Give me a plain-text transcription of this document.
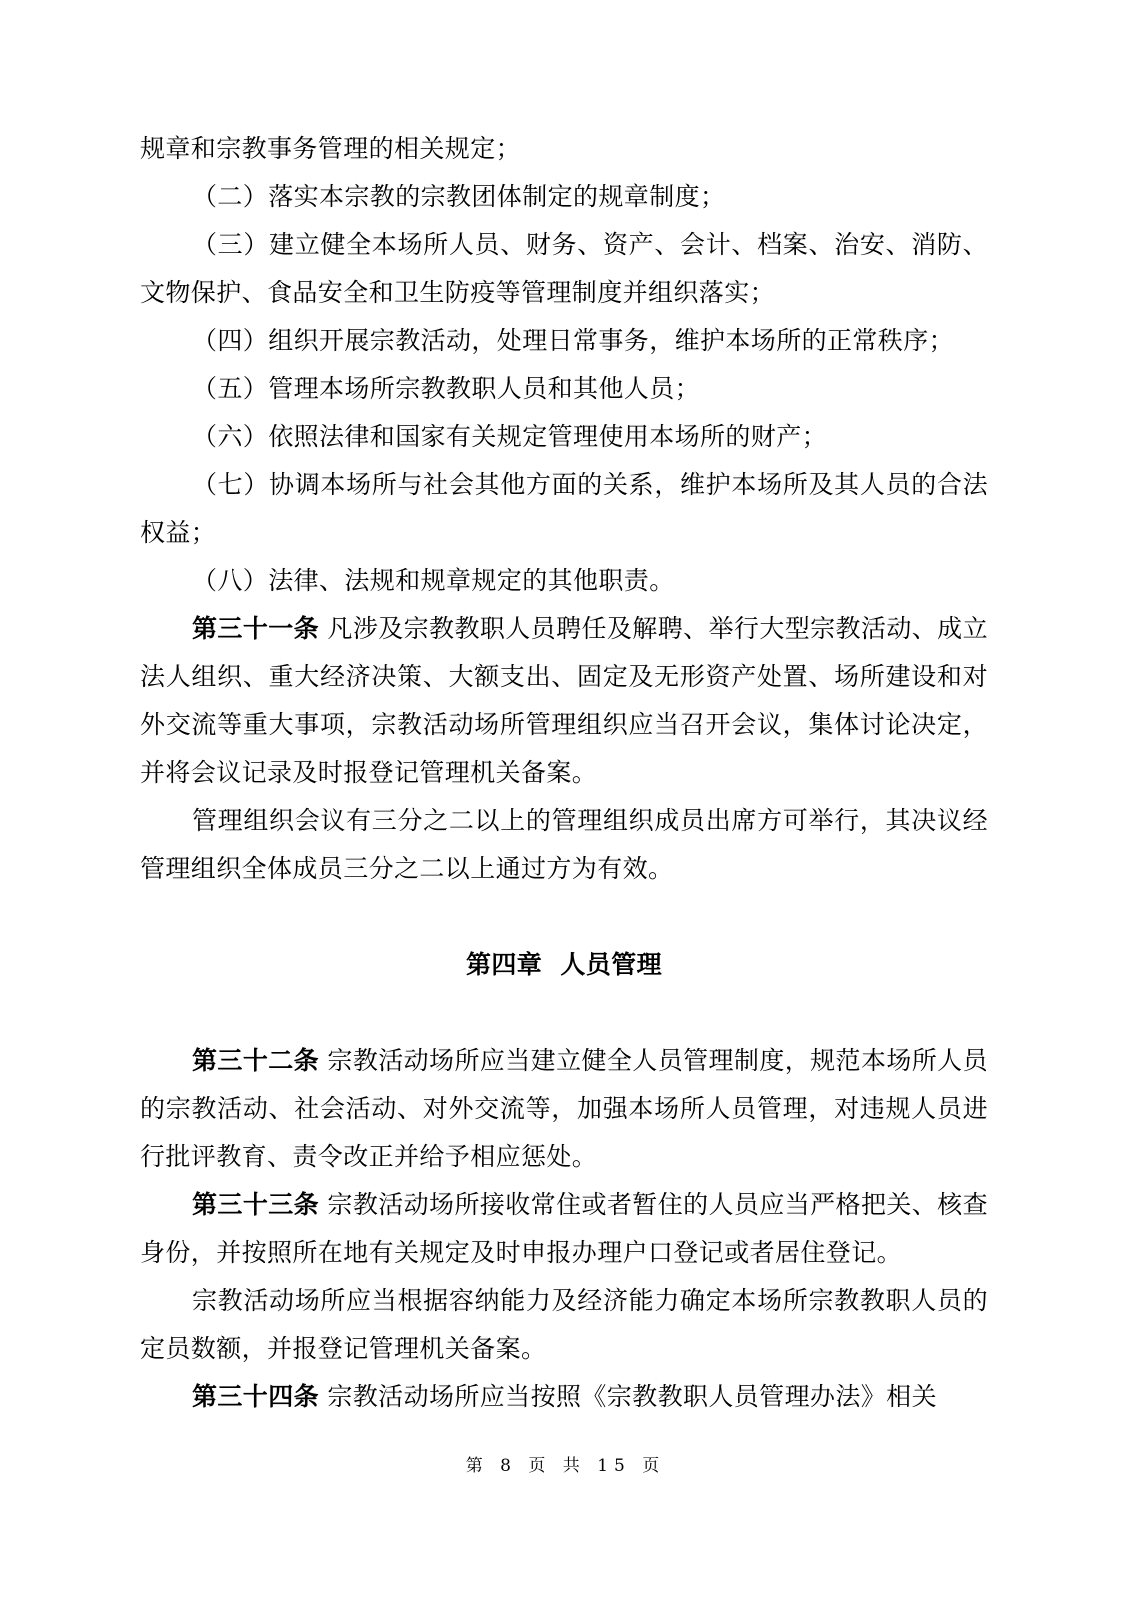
规章和宗教事务管理的相关规定；

（二）落实本宗教的宗教团体制定的规章制度；

（三）建立健全本场所人员、财务、资产、会计、档案、治安、消防、文物保护、食品安全和卫生防疫等管理制度并组织落实；

（四）组织开展宗教活动，处理日常事务，维护本场所的正常秩序；

（五）管理本场所宗教教职人员和其他人员；

（六）依照法律和国家有关规定管理使用本场所的财产；

（七）协调本场所与社会其他方面的关系，维护本场所及其人员的合法权益；

（八）法律、法规和规章规定的其他职责。

第三十一条 凡涉及宗教教职人员聘任及解聘、举行大型宗教活动、成立法人组织、重大经济决策、大额支出、固定及无形资产处置、场所建设和对外交流等重大事项，宗教活动场所管理组织应当召开会议，集体讨论决定，并将会议记录及时报登记管理机关备案。

管理组织会议有三分之二以上的管理组织成员出席方可举行，其决议经管理组织全体成员三分之二以上通过方为有效。

第四章  人员管理

第三十二条 宗教活动场所应当建立健全人员管理制度，规范本场所人员的宗教活动、社会活动、对外交流等，加强本场所人员管理，对违规人员进行批评教育、责令改正并给予相应惩处。

第三十三条 宗教活动场所接收常住或者暂住的人员应当严格把关、核查身份，并按照所在地有关规定及时申报办理户口登记或者居住登记。

宗教活动场所应当根据容纳能力及经济能力确定本场所宗教教职人员的定员数额，并报登记管理机关备案。

第三十四条 宗教活动场所应当按照《宗教教职人员管理办法》相关

第 8 页 共 15 页
